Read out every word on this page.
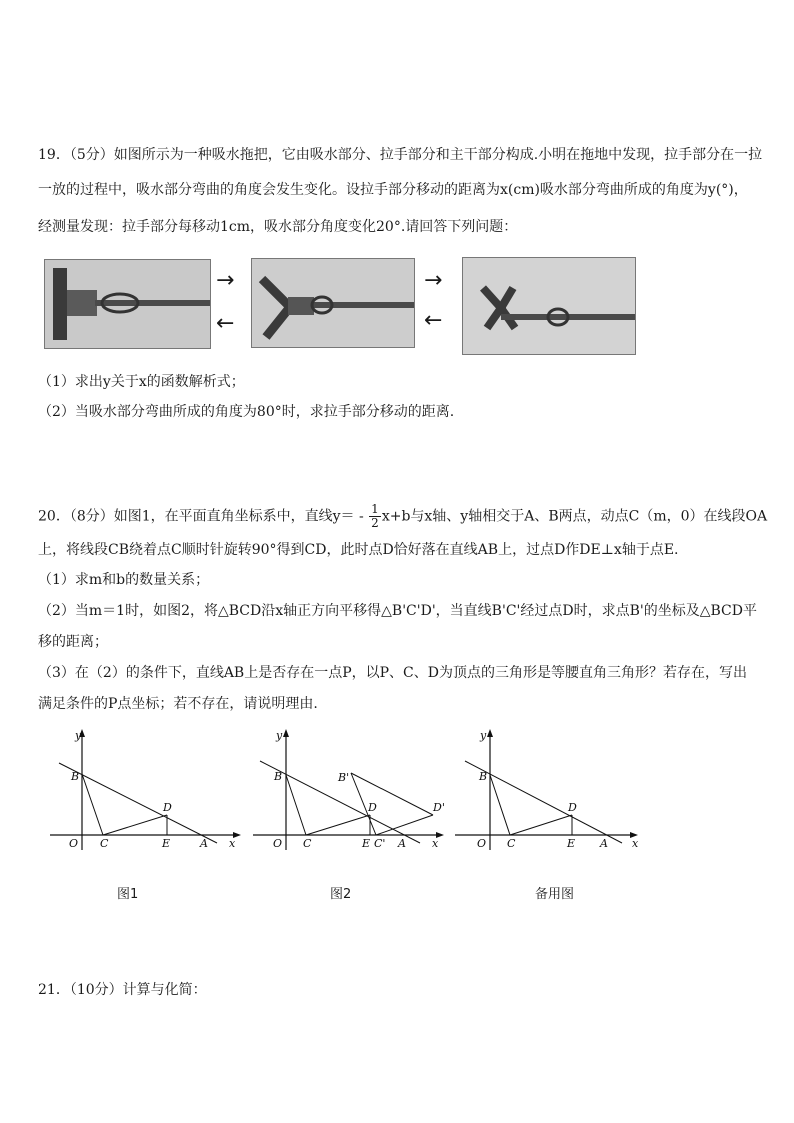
19．（5分）如图所示为一种吸水拖把，它由吸水部分、拉手部分和主干部分构成.小明在拖地中发现，拉手部分在一拉
一放的过程中，吸水部分弯曲的角度会发生变化。设拉手部分移动的距离为x(cm)吸水部分弯曲所成的角度为y(°)，
经测量发现：拉手部分每移动1cm，吸水部分角度变化20°.请回答下列问题：
→
←
→
←
（1）求出y关于x的函数解析式；
（2）当吸水部分弯曲所成的角度为80°时，求拉手部分移动的距离.
20．（8分）如图1，在平面直角坐标系中，直线$y= - \frac{1}{2} x+b$与x轴、y轴相交于A、B两点，动点C（m，0）在线段OA
上，将线段CB绕着点C顺时针旋转90°得到CD，此时点D恰好落在直线AB上，过点D作DE⊥x轴于点E.
（1）求m和b的数量关系；
（2）当m＝1时，如图2，将△BCD沿x轴正方向平移得△B'C'D'，当直线B'C'经过点D时，求点B'的坐标及△BCD平
移的距离；
（3）在（2）的条件下，直线AB上是否存在一点P，以P、C、D为顶点的三角形是等腰直角三角形？若存在，写出
满足条件的P点坐标；若不存在，请说明理由.
y
x
O
B
C
D
E	A
图1
y
x
O
B
C
D
E C' A
B'
D'
图2
y
x
O
B
C
D
E A
备用图
21．（10分）计算与化简：
